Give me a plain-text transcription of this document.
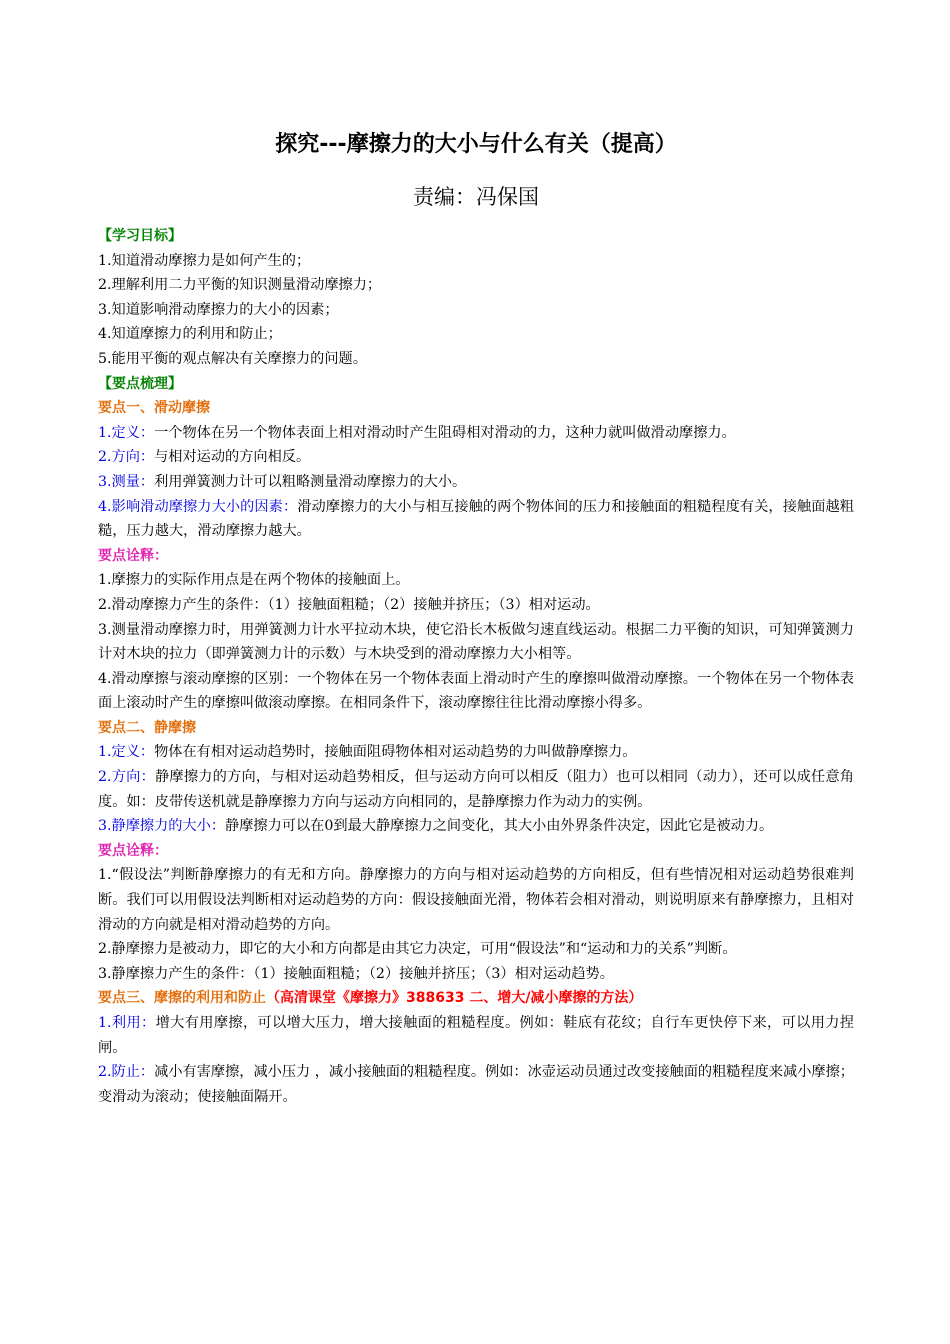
探究---摩擦力的大小与什么有关（提高）
责编：冯保国
【学习目标】
1.知道滑动摩擦力是如何产生的；
2.理解利用二力平衡的知识测量滑动摩擦力；
3.知道影响滑动摩擦力的大小的因素；
4.知道摩擦力的利用和防止；
5.能用平衡的观点解决有关摩擦力的问题。
【要点梳理】
要点一、滑动摩擦
1.定义：一个物体在另一个物体表面上相对滑动时产生阻碍相对滑动的力，这种力就叫做滑动摩擦力。
2.方向：与相对运动的方向相反。
3.测量：利用弹簧测力计可以粗略测量滑动摩擦力的大小。
4.影响滑动摩擦力大小的因素：滑动摩擦力的大小与相互接触的两个物体间的压力和接触面的粗糙程度有关，接触面越粗糙，压力越大，滑动摩擦力越大。
要点诠释：
1.摩擦力的实际作用点是在两个物体的接触面上。
2.滑动摩擦力产生的条件：（1）接触面粗糙；（2）接触并挤压；（3）相对运动。
3.测量滑动摩擦力时，用弹簧测力计水平拉动木块，使它沿长木板做匀速直线运动。根据二力平衡的知识，可知弹簧测力计对木块的拉力（即弹簧测力计的示数）与木块受到的滑动摩擦力大小相等。
4.滑动摩擦与滚动摩擦的区别：一个物体在另一个物体表面上滑动时产生的摩擦叫做滑动摩擦。一个物体在另一个物体表面上滚动时产生的摩擦叫做滚动摩擦。在相同条件下，滚动摩擦往往比滑动摩擦小得多。
要点二、静摩擦
1.定义：物体在有相对运动趋势时，接触面阻碍物体相对运动趋势的力叫做静摩擦力。
2.方向：静摩擦力的方向，与相对运动趋势相反，但与运动方向可以相反（阻力）也可以相同（动力），还可以成任意角度。如：皮带传送机就是静摩擦力方向与运动方向相同的，是静摩擦力作为动力的实例。
3.静摩擦力的大小：静摩擦力可以在0到最大静摩擦力之间变化，其大小由外界条件决定，因此它是被动力。
要点诠释：
1.“假设法”判断静摩擦力的有无和方向。静摩擦力的方向与相对运动趋势的方向相反，但有些情况相对运动趋势很难判断。我们可以用假设法判断相对运动趋势的方向：假设接触面光滑，物体若会相对滑动，则说明原来有静摩擦力，且相对滑动的方向就是相对滑动趋势的方向。
2.静摩擦力是被动力，即它的大小和方向都是由其它力决定，可用“假设法”和“运动和力的关系”判断。
3.静摩擦力产生的条件：（1）接触面粗糙；（2）接触并挤压；（3）相对运动趋势。
要点三、摩擦的利用和防止（高清课堂《摩擦力》388633 二、增大/减小摩擦的方法）
1.利用：增大有用摩擦，可以增大压力，增大接触面的粗糙程度。例如：鞋底有花纹；自行车更快停下来，可以用力捏闸。
2.防止：减小有害摩擦，减小压力 ，减小接触面的粗糙程度。例如：冰壶运动员通过改变接触面的粗糙程度来减小摩擦；变滑动为滚动；使接触面隔开。
